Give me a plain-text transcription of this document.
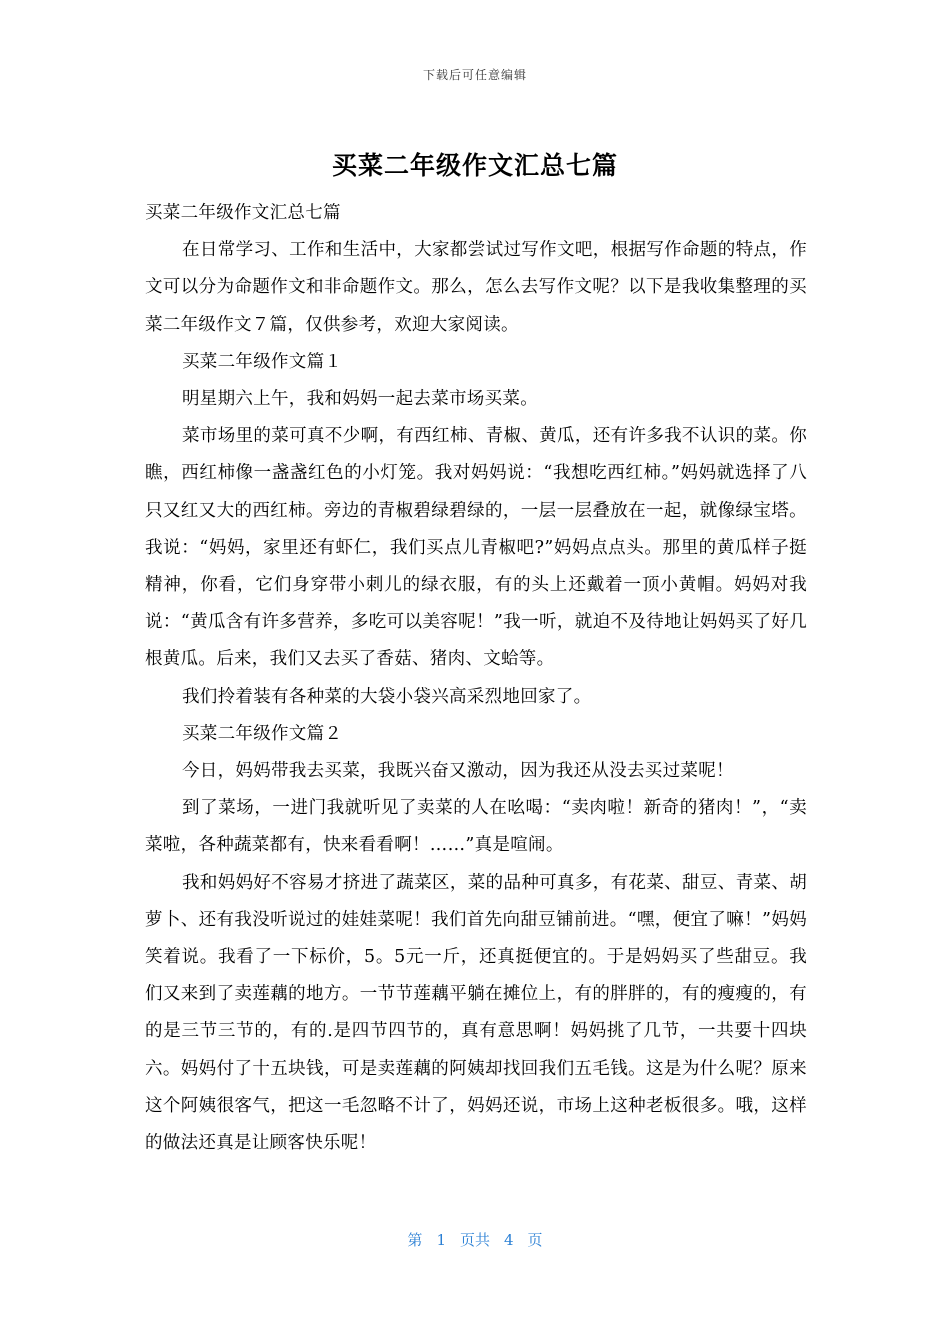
下载后可任意编辑
买菜二年级作文汇总七篇

买菜二年级作文汇总七篇

在日常学习、工作和生活中，大家都尝试过写作文吧，根据写作命题的特点，作文可以分为命题作文和非命题作文。那么，怎么去写作文呢？以下是我收集整理的买菜二年级作文７篇，仅供参考，欢迎大家阅读。

买菜二年级作文篇１

明星期六上午，我和妈妈一起去菜市场买菜。

菜市场里的菜可真不少啊，有西红柿、青椒、黄瓜，还有许多我不认识的菜。你瞧，西红柿像一盏盏红色的小灯笼。我对妈妈说：“我想吃西红柿。”妈妈就选择了八只又红又大的西红柿。旁边的青椒碧绿碧绿的，一层一层叠放在一起，就像绿宝塔。我说：“妈妈，家里还有虾仁，我们买点儿青椒吧?”妈妈点点头。那里的黄瓜样子挺精神，你看，它们身穿带小刺儿的绿衣服，有的头上还戴着一顶小黄帽。妈妈对我说：“黄瓜含有许多营养，多吃可以美容呢！”我一听，就迫不及待地让妈妈买了好几根黄瓜。后来，我们又去买了香菇、猪肉、文蛤等。

我们拎着装有各种菜的大袋小袋兴高采烈地回家了。

买菜二年级作文篇２

今日，妈妈带我去买菜，我既兴奋又激动，因为我还从没去买过菜呢！

到了菜场，一进门我就听见了卖菜的人在吆喝：“卖肉啦！新奇的猪肉！”，“卖菜啦，各种蔬菜都有，快来看看啊！……”真是喧闹。

我和妈妈好不容易才挤进了蔬菜区，菜的品种可真多，有花菜、甜豆、青菜、胡萝卜、还有我没听说过的娃娃菜呢！我们首先向甜豆铺前进。“嘿，便宜了嘛！”妈妈笑着说。我看了一下标价，5。5元一斤，还真挺便宜的。于是妈妈买了些甜豆。我们又来到了卖莲藕的地方。一节节莲藕平躺在摊位上，有的胖胖的，有的瘦瘦的，有的是三节三节的，有的.是四节四节的，真有意思啊！妈妈挑了几节，一共要十四块六。妈妈付了十五块钱，可是卖莲藕的阿姨却找回我们五毛钱。这是为什么呢？原来这个阿姨很客气，把这一毛忽略不计了，妈妈还说，市场上这种老板很多。哦，这样的做法还真是让顾客快乐呢！

第 1 页共 4 页
